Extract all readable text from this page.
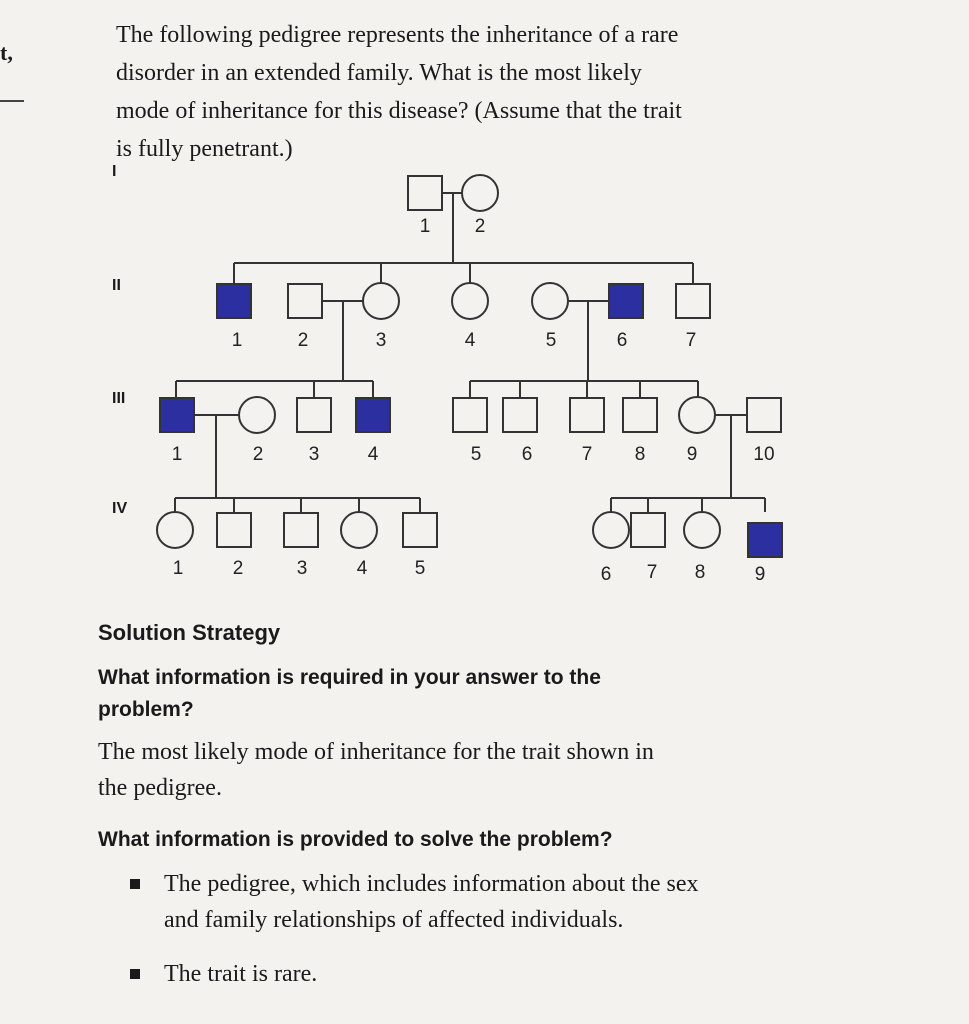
t,
The following pedigree represents the inheritance of a rare
disorder in an extended family. What is the most likely
mode of inheritance for this disease? (Assume that the trait
is fully penetrant.)
I
II
III
IV
1 2
1	2	3	4	5	6	7
1	2 3	4	5 6	7 8 9	10
1	2	3	4 5	6 7 8	9
Solution Strategy
What information is required in your answer to the
problem?
The most likely mode of inheritance for the trait shown in
the pedigree.
What information is provided to solve the problem?
The pedigree, which includes information about the sex
and family relationships of affected individuals.
The trait is rare.
